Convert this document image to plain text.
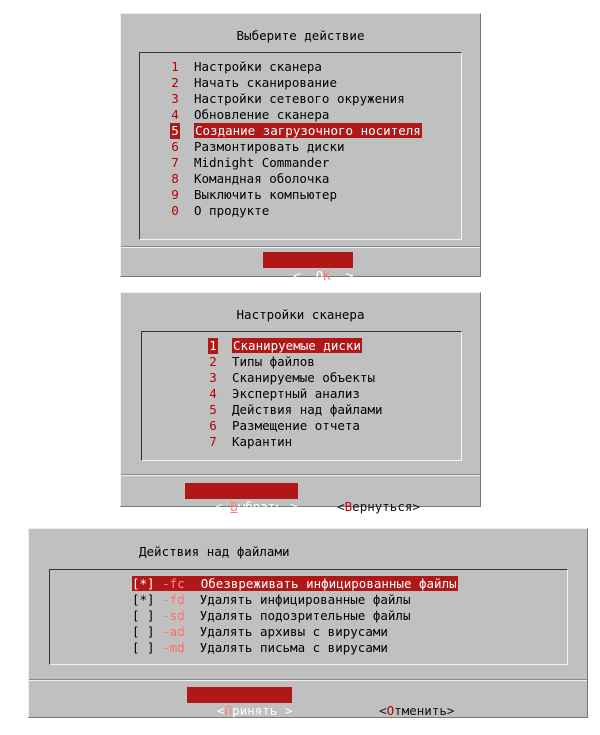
Выберите действие
1 Настройки сканера
2 Начать сканирование
3 Настройки сетевого окружения
4 Обновление сканера
5 Создание загрузочного носителя
6 Размонтировать диски
7 Midnight Commander
8 Командная оболочка
9 Выключить компьютер
0 О продукте

< OK >

Настройки сканера
1 Сканируемые диски
2 Типы файлов
3 Сканируемые объекты
4 Экспертный анализ
5 Действия над файлами
6 Размещение отчета
7 Карантин

< Выбрать >
	<Вернуться>

Действия над файлами
[*] -fc Обезвреживать инфицированные файлы
[*] -fd Удалять инфицированные файлы
[ ] -sd Удалять подозрительные файлы
[ ] -ad Удалять архивы с вирусами
[ ] -md Удалять письма с вирусами

<Принять >
	<Отменить>
